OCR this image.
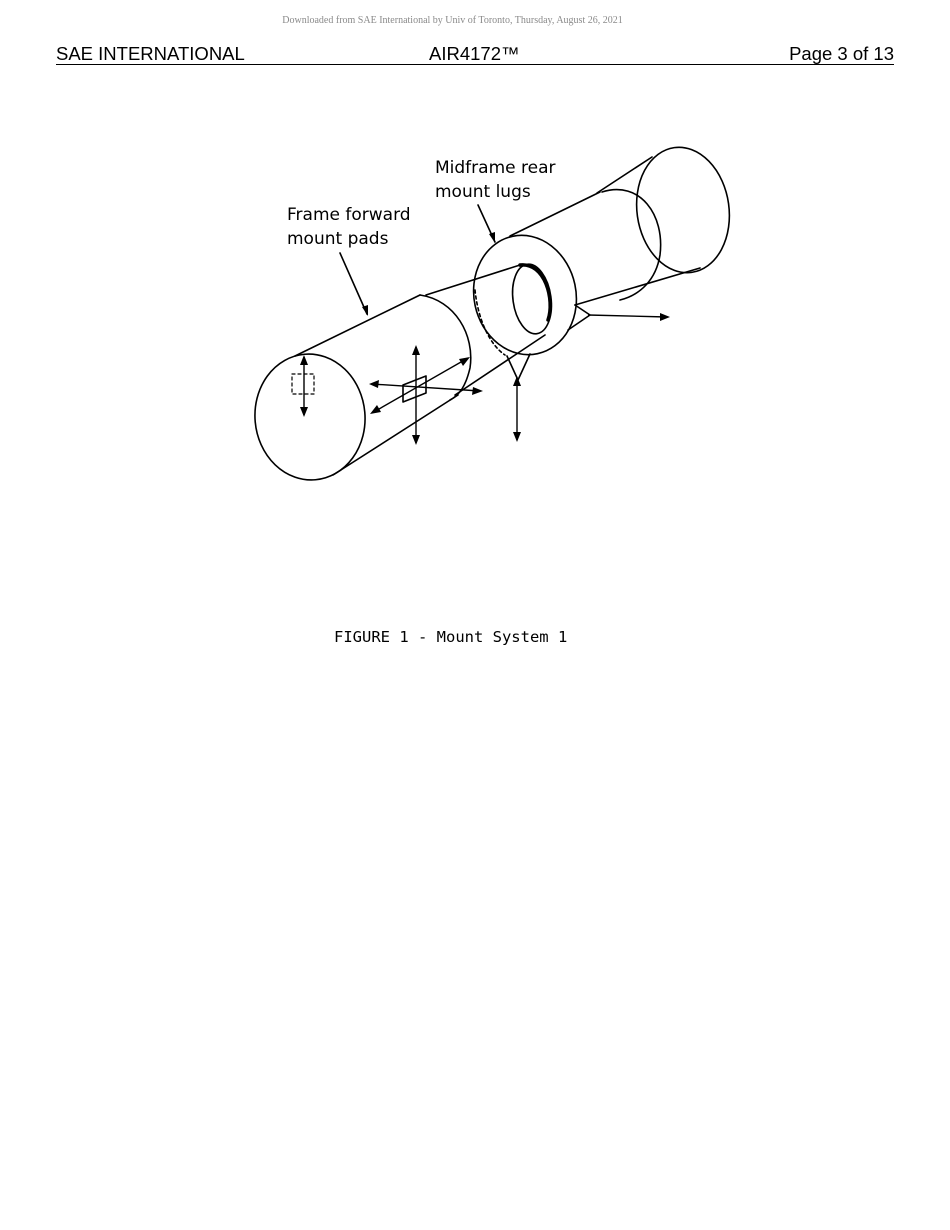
Downloaded from SAE International by Univ of Toronto, Thursday, August 26, 2021
SAE INTERNATIONAL	AIR4172™	Page 3 of 13
Midframe rear
mount lugs
Frame forward
mount pads
FIGURE 1 - Mount System 1
